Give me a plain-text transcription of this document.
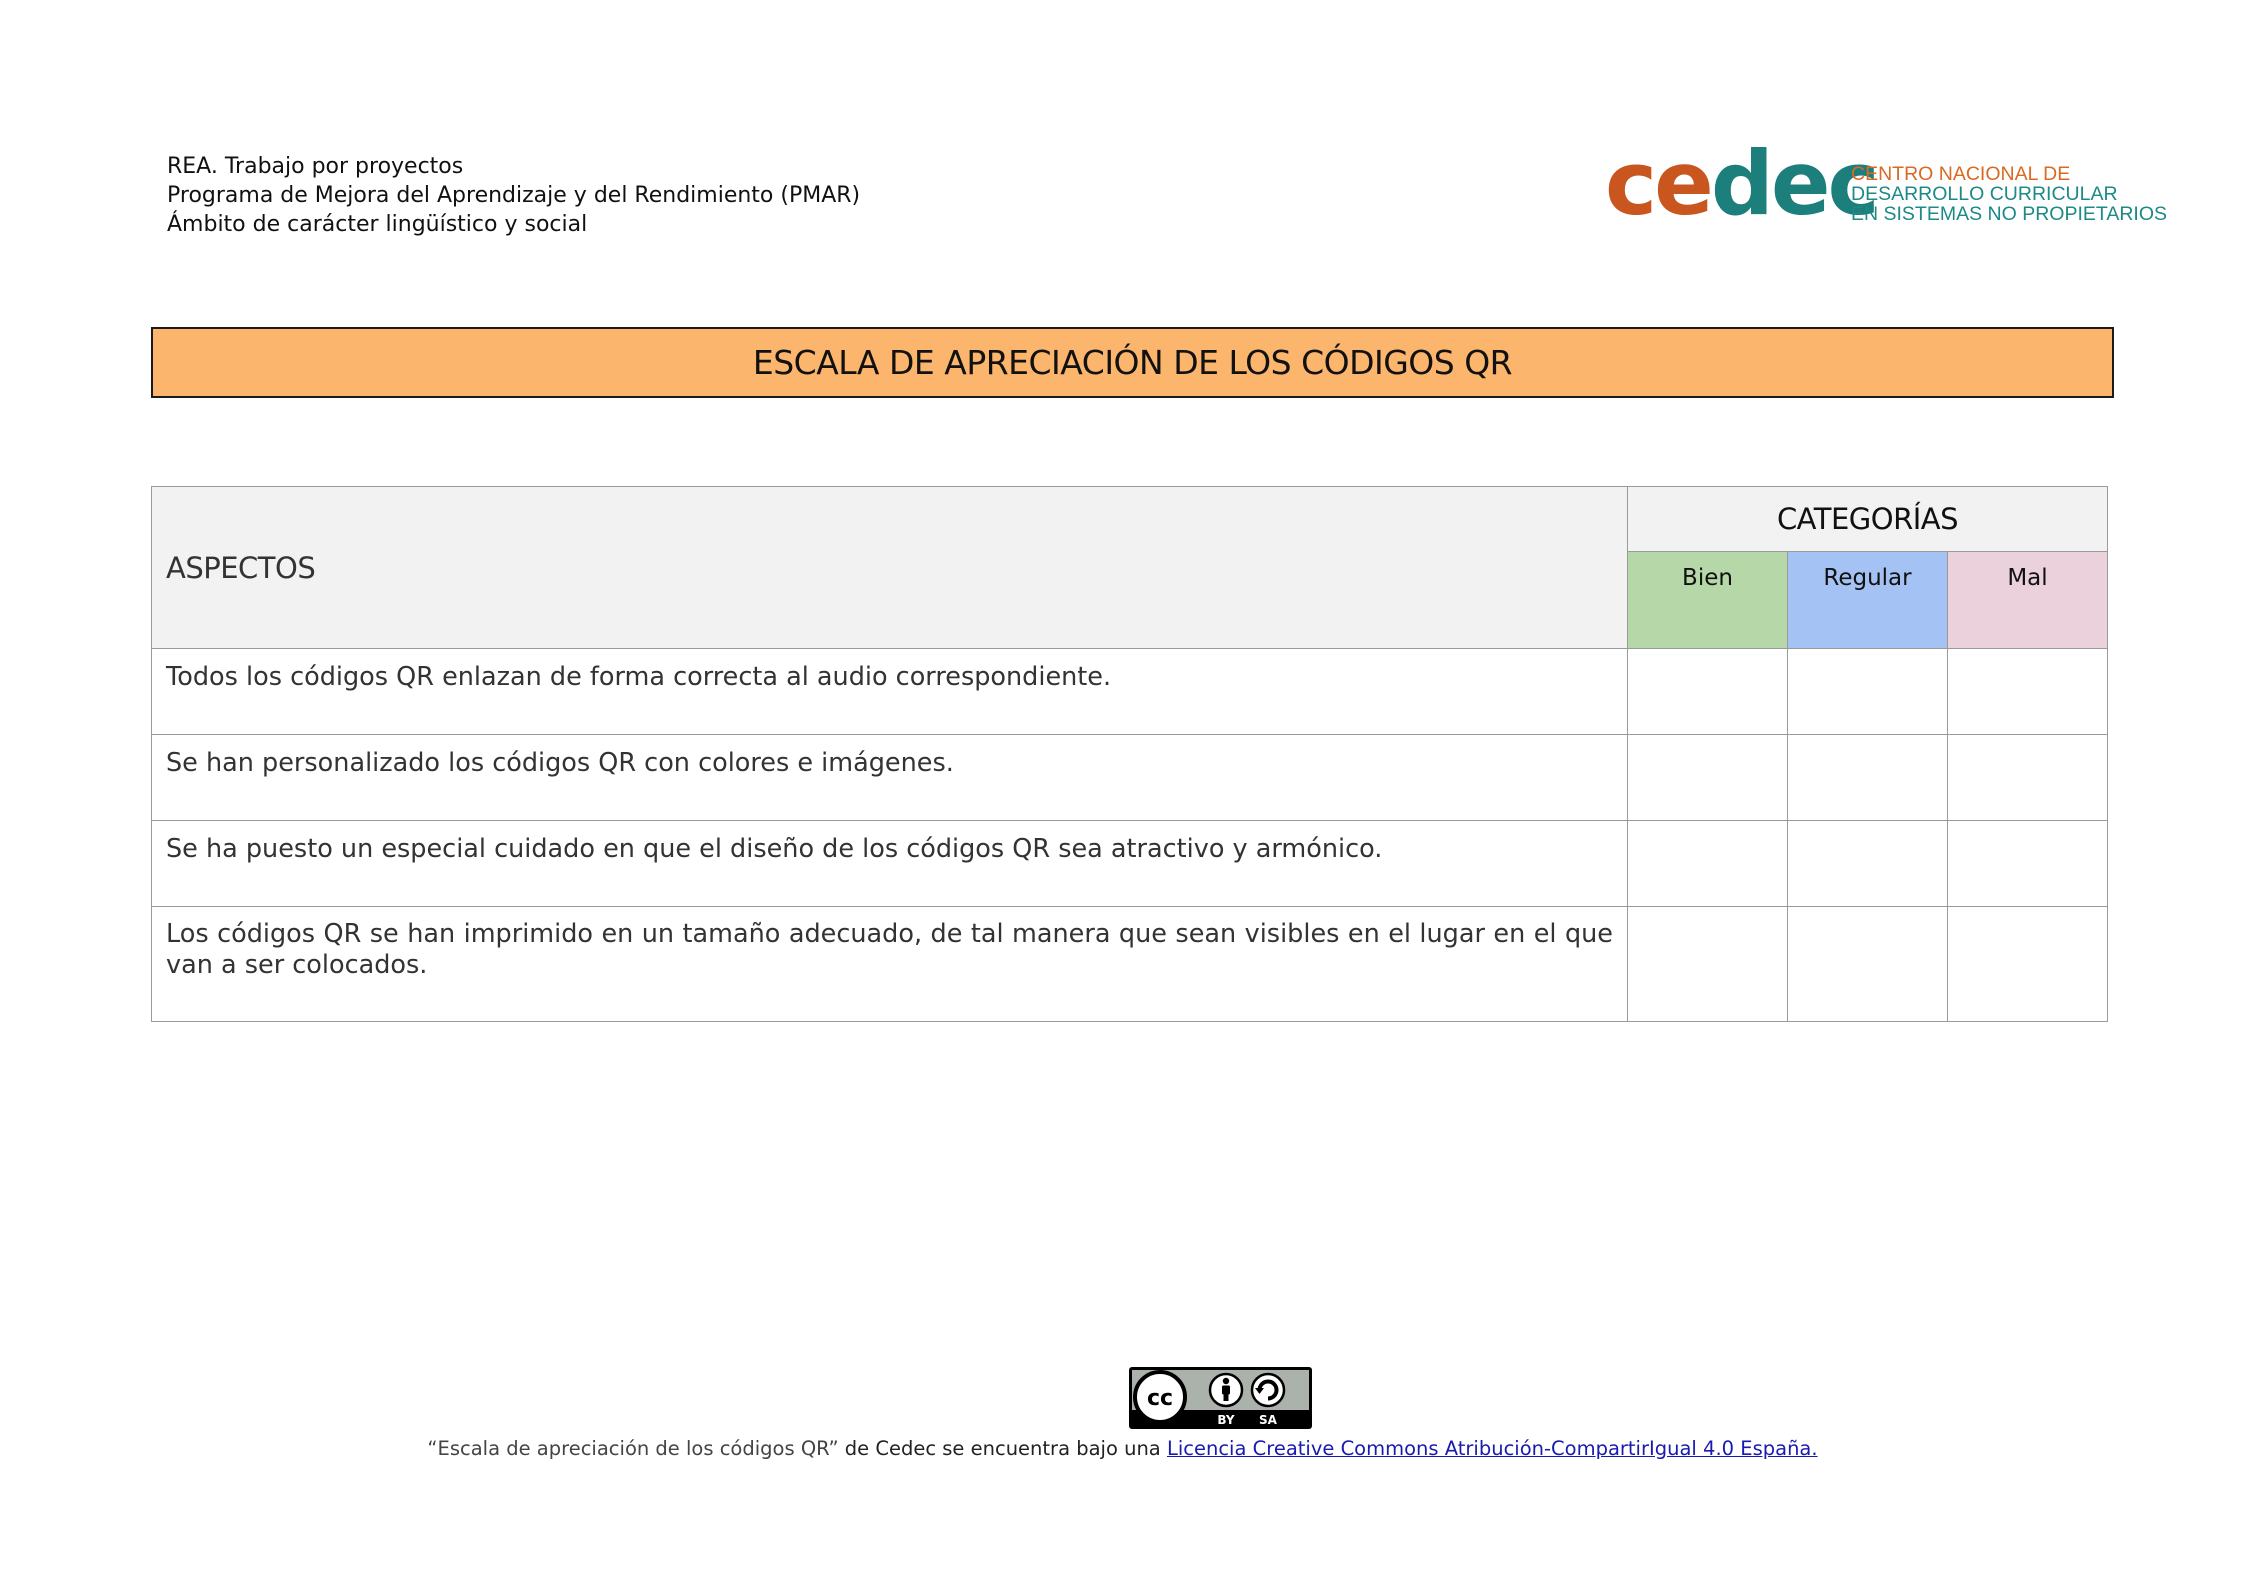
REA. Trabajo por proyectos
Programa de Mejora del Aprendizaje y del Rendimiento (PMAR)
Ámbito de carácter lingüístico y social	cedec
CENTRO NACIONAL DE
DESARROLLO CURRICULAR
EN SISTEMAS NO PROPIETARIOS
ESCALA DE APRECIACIÓN DE LOS CÓDIGOS QR
ASPECTOS	CATEGORÍAS		
	Bien	Regular	Mal
Todos los códigos QR enlazan de forma correcta al audio correspondiente.			
Se han personalizado los códigos QR con colores e imágenes.			
Se ha puesto un especial cuidado en que el diseño de los códigos QR sea atractivo y armónico.			
Los códigos QR se han imprimido en un tamaño adecuado, de tal manera que sean visibles en el lugar en el que van a ser colocados.			
cc
BY SA
“Escala de apreciación de los códigos QR” de Cedec se encuentra bajo una Licencia Creative Commons Atribución-CompartirIgual 4.0 España.
